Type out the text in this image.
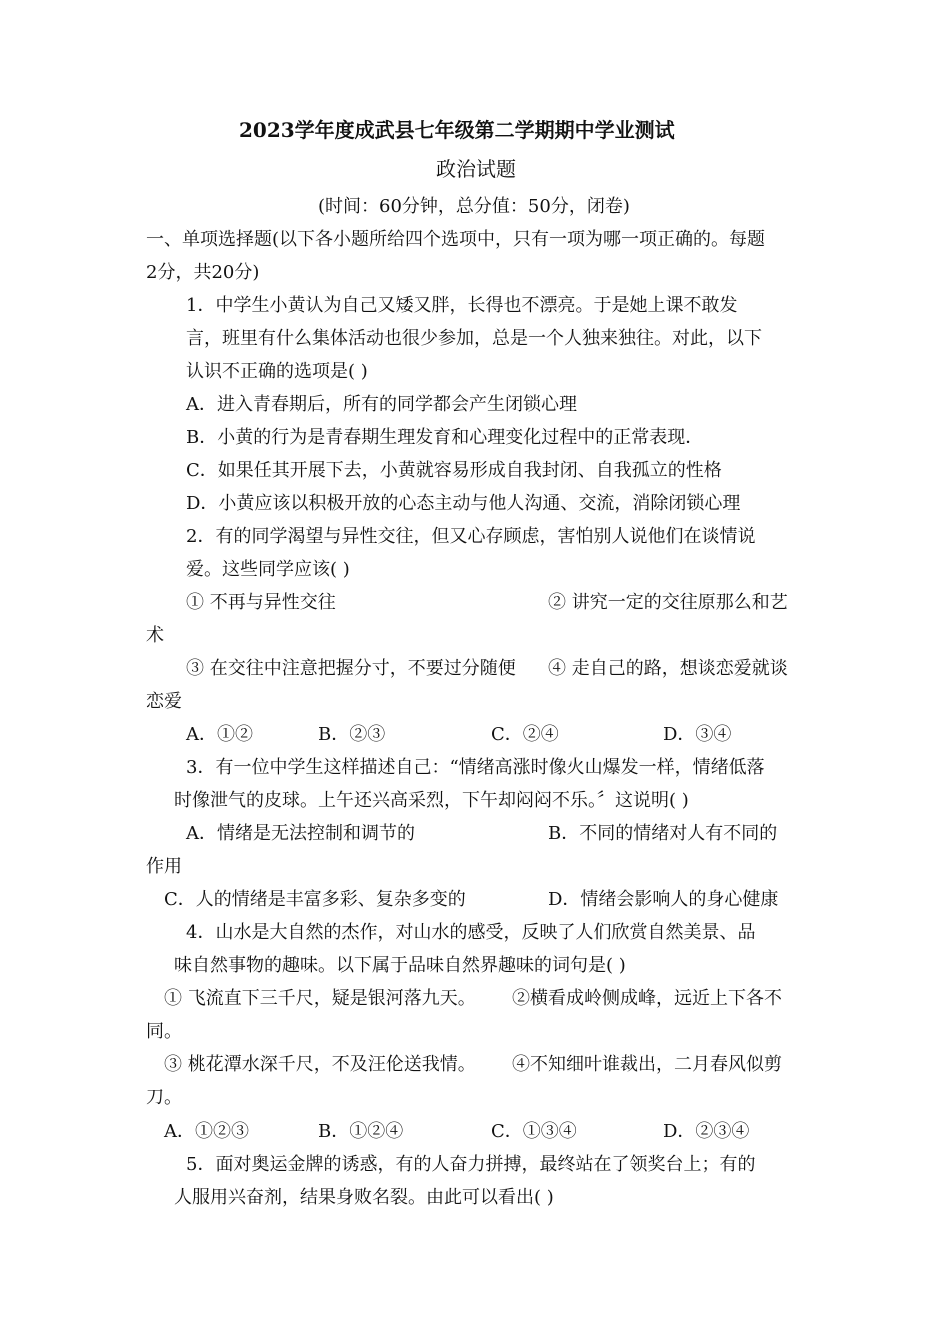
2023学年度成武县七年级第二学期期中学业测试
政治试题
(时间：60分钟，总分值：50分，闭卷)
一、单项选择题(以下各小题所给四个选项中，只有一项为哪一项正确的。每题
2分，共20分)
1．中学生小黄认为自己又矮又胖，长得也不漂亮。于是她上课不敢发
言，班里有什么集体活动也很少参加，总是一个人独来独往。对此，以下
认识不正确的选项是( )
A．进入青春期后，所有的同学都会产生闭锁心理
B．小黄的行为是青春期生理发育和心理变化过程中的正常表现．
C．如果任其开展下去，小黄就容易形成自我封闭、自我孤立的性格
D．小黄应该以积极开放的心态主动与他人沟通、交流，消除闭锁心理
2．有的同学渴望与异性交往，但又心存顾虑，害怕别人说他们在谈情说
爱。这些同学应该( )
① 不再与异性交往	② 讲究一定的交往原那么和艺
术
③ 在交往中注意把握分寸，不要过分随便 ④ 走自己的路，想谈恋爱就谈
恋爱
A．①②	B．②③	C．②④	D．③④
3．有一位中学生这样描述自己：“情绪高涨时像火山爆发一样，情绪低落
时像泄气的皮球。上午还兴高采烈，下午却闷闷不乐。〞这说明( )
A．情绪是无法控制和调节的	B．不同的情绪对人有不同的
作用
C．人的情绪是丰富多彩、复杂多变的	D．情绪会影响人的身心健康
4．山水是大自然的杰作，对山水的感受，反映了人们欣赏自然美景、品
味自然事物的趣味。以下属于品味自然界趣味的词句是( )
① 飞流直下三千尺，疑是银河落九天。 ②横看成岭侧成峰，远近上下各不
同。
③ 桃花潭水深千尺，不及汪伦送我情。 ④不知细叶谁裁出，二月春风似剪
刀。
A．①②③	B．①②④	C．①③④	D．②③④
5．面对奥运金牌的诱惑，有的人奋力拼搏，最终站在了领奖台上；有的
人服用兴奋剂，结果身败名裂。由此可以看出( )
